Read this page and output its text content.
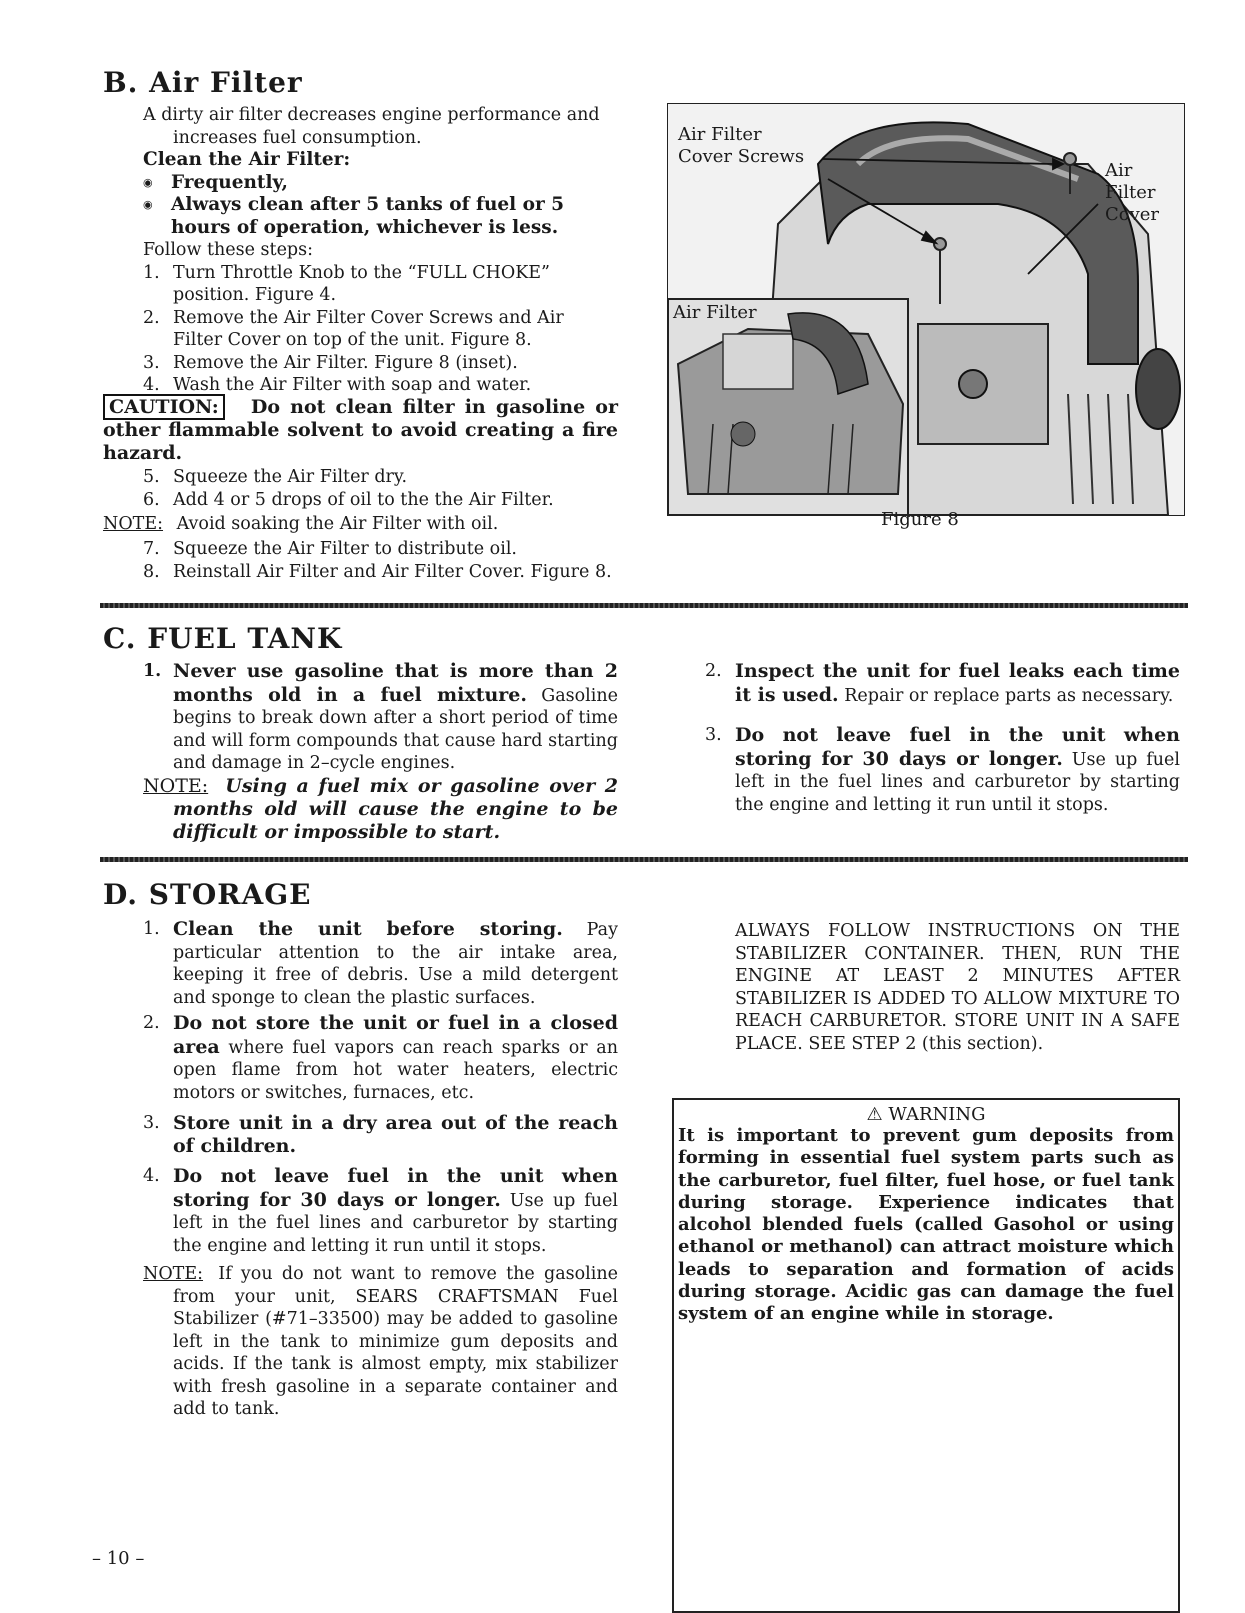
B. Air Filter

A dirty air filter decreases engine performance and increases fuel consumption.

Clean the Air Filter:

◉ Frequently,
◉ Always clean after 5 tanks of fuel or 5 hours of operation, whichever is less.

Follow these steps:

1. Turn Throttle Knob to the “FULL CHOKE” position. Figure 4.
2. Remove the Air Filter Cover Screws and Air Filter Cover on top of the unit. Figure 8.
3. Remove the Air Filter. Figure 8 (inset).
4. Wash the Air Filter with soap and water.
CAUTION: Do not clean filter in gasoline or other flammable solvent to avoid creating a fire hazard.
5. Squeeze the Air Filter dry.
6. Add 4 or 5 drops of oil to the the Air Filter.
NOTE: Avoid soaking the Air Filter with oil.
7. Squeeze the Air Filter to distribute oil.
8. Reinstall Air Filter and Air Filter Cover. Figure 8.
Air Filter
Cover Screws
Air
Filter
Cover
Air Filter
Figure 8
C. FUEL TANK
1. Never use gasoline that is more than 2 months old in a fuel mixture. Gasoline begins to break down after a short period of time and will form compounds that cause hard starting and damage in 2–cycle engines.
NOTE: Using a fuel mix or gasoline over 2 months old will cause the engine to be difficult or impossible to start.
2. Inspect the unit for fuel leaks each time it is used. Repair or replace parts as necessary.
3. Do not leave fuel in the unit when storing for 30 days or longer. Use up fuel left in the fuel lines and carburetor by starting the engine and letting it run until it stops.
D. STORAGE
1. Clean the unit before storing. Pay particular attention to the air intake area, keeping it free of debris. Use a mild detergent and sponge to clean the plastic surfaces.
2. Do not store the unit or fuel in a closed area where fuel vapors can reach sparks or an open flame from hot water heaters, electric motors or switches, furnaces, etc.
3. Store unit in a dry area out of the reach of children.
4. Do not leave fuel in the unit when storing for 30 days or longer. Use up fuel left in the fuel lines and carburetor by starting the engine and letting it run until it stops.
NOTE: If you do not want to remove the gasoline from your unit, SEARS CRAFTSMAN Fuel Stabilizer (#71–33500) may be added to gasoline left in the tank to minimize gum deposits and acids. If the tank is almost empty, mix stabilizer with fresh gasoline in a separate container and add to tank.
ALWAYS FOLLOW INSTRUCTIONS ON THE STABILIZER CONTAINER. THEN, RUN THE ENGINE AT LEAST 2 MINUTES AFTER STABILIZER IS ADDED TO ALLOW MIXTURE TO REACH CARBURETOR. STORE UNIT IN A SAFE PLACE. SEE STEP 2 (this section).
⚠ WARNING
It is important to prevent gum deposits from forming in essential fuel system parts such as the carburetor, fuel filter, fuel hose, or fuel tank during storage. Experience indicates that alcohol blended fuels (called Gasohol or using ethanol or methanol) can attract moisture which leads to separation and formation of acids during storage. Acidic gas can damage the fuel system of an engine while in storage.
– 10 –
